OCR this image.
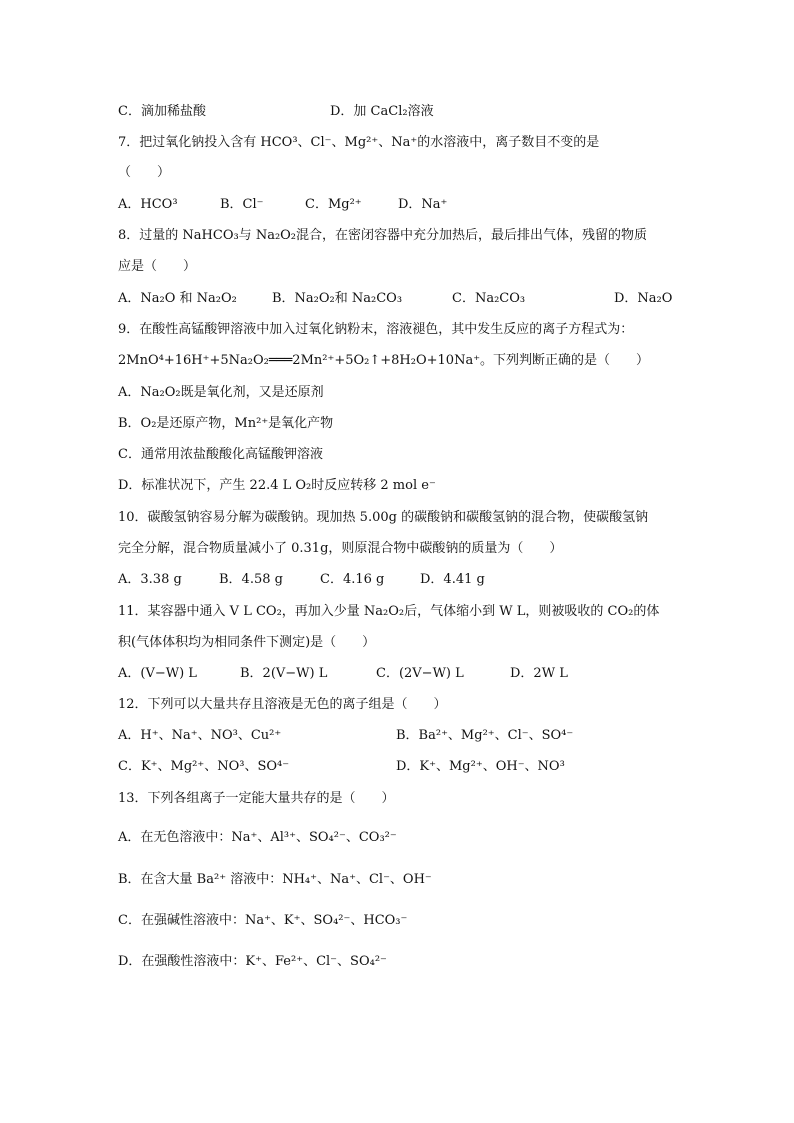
C．滴加稀盐酸
7．把过氧化钠投入含有 HCO³、Cl⁻、Mg²⁺、Na⁺的水溶液中，离子数目不变的是
（　　）
8．过量的 NaHCO₃与 Na₂O₂混合，在密闭容器中充分加热后，最后排出气体，残留的物质
应是（　　）
9．在酸性高锰酸钾溶液中加入过氧化钠粉末，溶液褪色，其中发生反应的离子方程式为：
2MnO⁴+16H⁺+5Na₂O₂═══2Mn²⁺+5O₂↑+8H₂O+10Na⁺。下列判断正确的是（　　）
A．Na₂O₂既是氧化剂，又是还原剂
B．O₂是还原产物，Mn²⁺是氧化产物
C．通常用浓盐酸酸化高锰酸钾溶液
D．标准状况下，产生 22.4 L O₂时反应转移 2 mol e⁻
10．碳酸氢钠容易分解为碳酸钠。现加热 5.00g 的碳酸钠和碳酸氢钠的混合物，使碳酸氢钠
完全分解，混合物质量减小了 0.31g，则原混合物中碳酸钠的质量为（　　）
11．某容器中通入 V L CO₂，再加入少量 Na₂O₂后，气体缩小到 W L，则被吸收的 CO₂的体
积(气体体积均为相同条件下测定)是（　　）
12．下列可以大量共存且溶液是无色的离子组是（　　）
13．下列各组离子一定能大量共存的是（　　）
A．在无色溶液中：Na⁺、Al³⁺、SO₄²⁻、CO₃²⁻
B．在含大量 Ba²⁺ 溶液中：NH₄⁺、Na⁺、Cl⁻、OH⁻
C．在强碱性溶液中：Na⁺、K⁺、SO₄²⁻、HCO₃⁻
D．在强酸性溶液中：K⁺、Fe²⁺、Cl⁻、SO₄²⁻
D．加 CaCl₂溶液
A．HCO³	B．Cl⁻	C．Mg²⁺	D．Na⁺
A．Na₂O 和 Na₂O₂	B．Na₂O₂和 Na₂CO₃	C．Na₂CO₃	D．Na₂O
A．3.38 g	B．4.58 g	C．4.16 g	D．4.41 g
A．(V−W) L	B．2(V−W) L	C．(2V−W) L	D．2W L
A．H⁺、Na⁺、NO³、Cu²⁺	B．Ba²⁺、Mg²⁺、Cl⁻、SO⁴⁻
C．K⁺、Mg²⁺、NO³、SO⁴⁻	D．K⁺、Mg²⁺、OH⁻、NO³
